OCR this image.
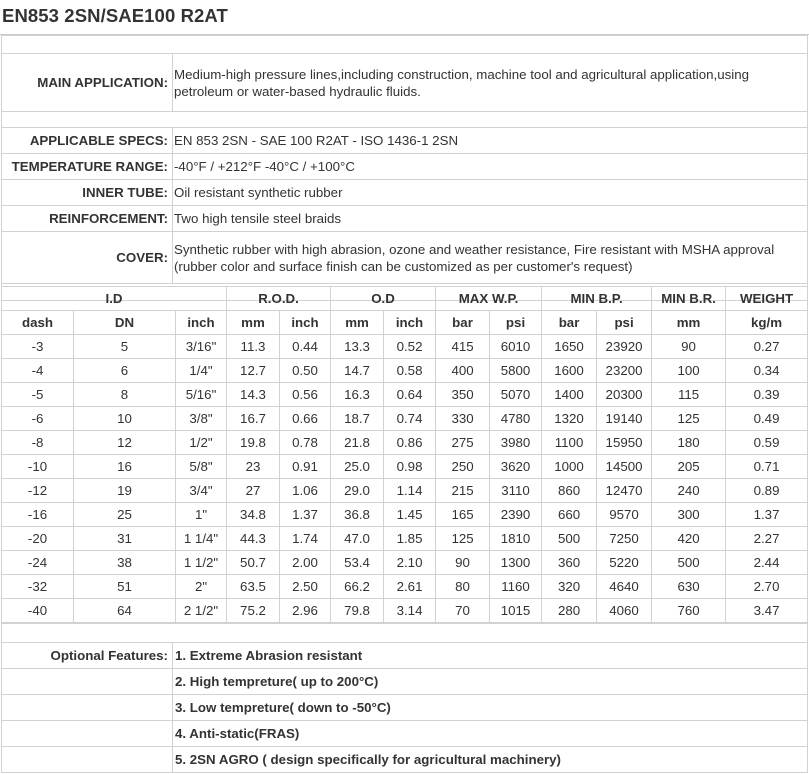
EN853 2SN/SAE100 R2AT

MAIN APPLICATION:	Medium-high pressure lines,including construction, machine tool and agricultural application,using petroleum or water-based hydraulic fluids.

APPLICABLE SPECS:	EN 853 2SN - SAE 100 R2AT - ISO 1436-1 2SN
TEMPERATURE RANGE:	-40°F / +212°F -40°C / +100°C
INNER TUBE:	Oil resistant synthetic rubber
REINFORCEMENT:	Two high tensile steel braids
COVER:	Synthetic rubber with high abrasion, ozone and weather resistance, Fire resistant with MSHA approval (rubber color and surface finish can be customized as per customer's request)

I.D			R.O.D.		O.D		MAX W.P.		MIN B.P.		MIN B.R.	WEIGHT
dash	DN	inch	mm	inch	mm	inch	bar	psi	bar	psi	mm	kg/m
-3	5	3/16"	11.3	0.44	13.3	0.52	415	6010	1650	23920	90	0.27
-4	6	1/4"	12.7	0.50	14.7	0.58	400	5800	1600	23200	100	0.34
-5	8	5/16"	14.3	0.56	16.3	0.64	350	5070	1400	20300	115	0.39
-6	10	3/8"	16.7	0.66	18.7	0.74	330	4780	1320	19140	125	0.49
-8	12	1/2"	19.8	0.78	21.8	0.86	275	3980	1100	15950	180	0.59
-10	16	5/8"	23	0.91	25.0	0.98	250	3620	1000	14500	205	0.71
-12	19	3/4"	27	1.06	29.0	1.14	215	3110	860	12470	240	0.89
-16	25	1"	34.8	1.37	36.8	1.45	165	2390	660	9570	300	1.37
-20	31	1 1/4"	44.3	1.74	47.0	1.85	125	1810	500	7250	420	2.27
-24	38	1 1/2"	50.7	2.00	53.4	2.10	90	1300	360	5220	500	2.44
-32	51	2"	63.5	2.50	66.2	2.61	80	1160	320	4640	630	2.70
-40	64	2 1/2"	75.2	2.96	79.8	3.14	70	1015	280	4060	760	3.47

Optional Features:	1. Extreme Abrasion resistant
	2. High tempreture( up to 200°C)
	3. Low tempreture( down to -50°C)
	4. Anti-static(FRAS)
	5. 2SN AGRO ( design specifically for agricultural machinery)
